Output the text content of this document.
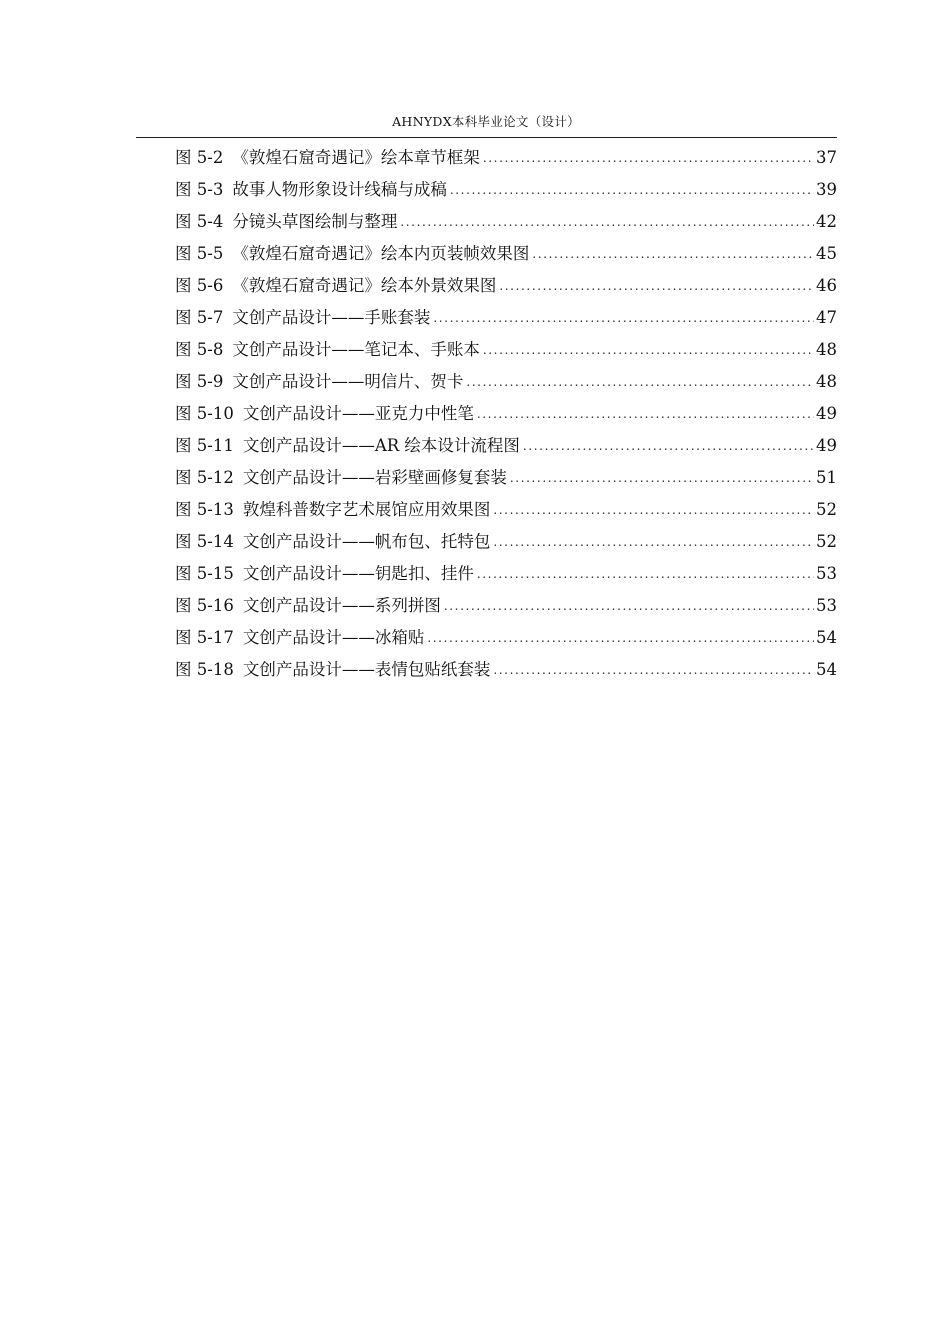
AHNYDX本科毕业论文（设计）
图 5-2 《敦煌石窟奇遇记》绘本章节框架 .....	37
图 5-3 故事人物形象设计线稿与成稿 .....	39
图 5-4 分镜头草图绘制与整理 .....	42
图 5-5 《敦煌石窟奇遇记》绘本内页装帧效果图 .....	45
图 5-6 《敦煌石窟奇遇记》绘本外景效果图 .....	46
图 5-7 文创产品设计——手账套装 .....	47
图 5-8 文创产品设计——笔记本、手账本 .....	48
图 5-9 文创产品设计——明信片、贺卡 .....	48
图 5-10 文创产品设计——亚克力中性笔 .....	49
图 5-11 文创产品设计——AR 绘本设计流程图 .....	49
图 5-12 文创产品设计——岩彩壁画修复套装 .....	51
图 5-13 敦煌科普数字艺术展馆应用效果图 .....	52
图 5-14 文创产品设计——帆布包、托特包 .....	52
图 5-15 文创产品设计——钥匙扣、挂件 .....	53
图 5-16 文创产品设计——系列拼图 .....	53
图 5-17 文创产品设计——冰箱贴 .....	54
图 5-18 文创产品设计——表情包贴纸套装 .....	54
